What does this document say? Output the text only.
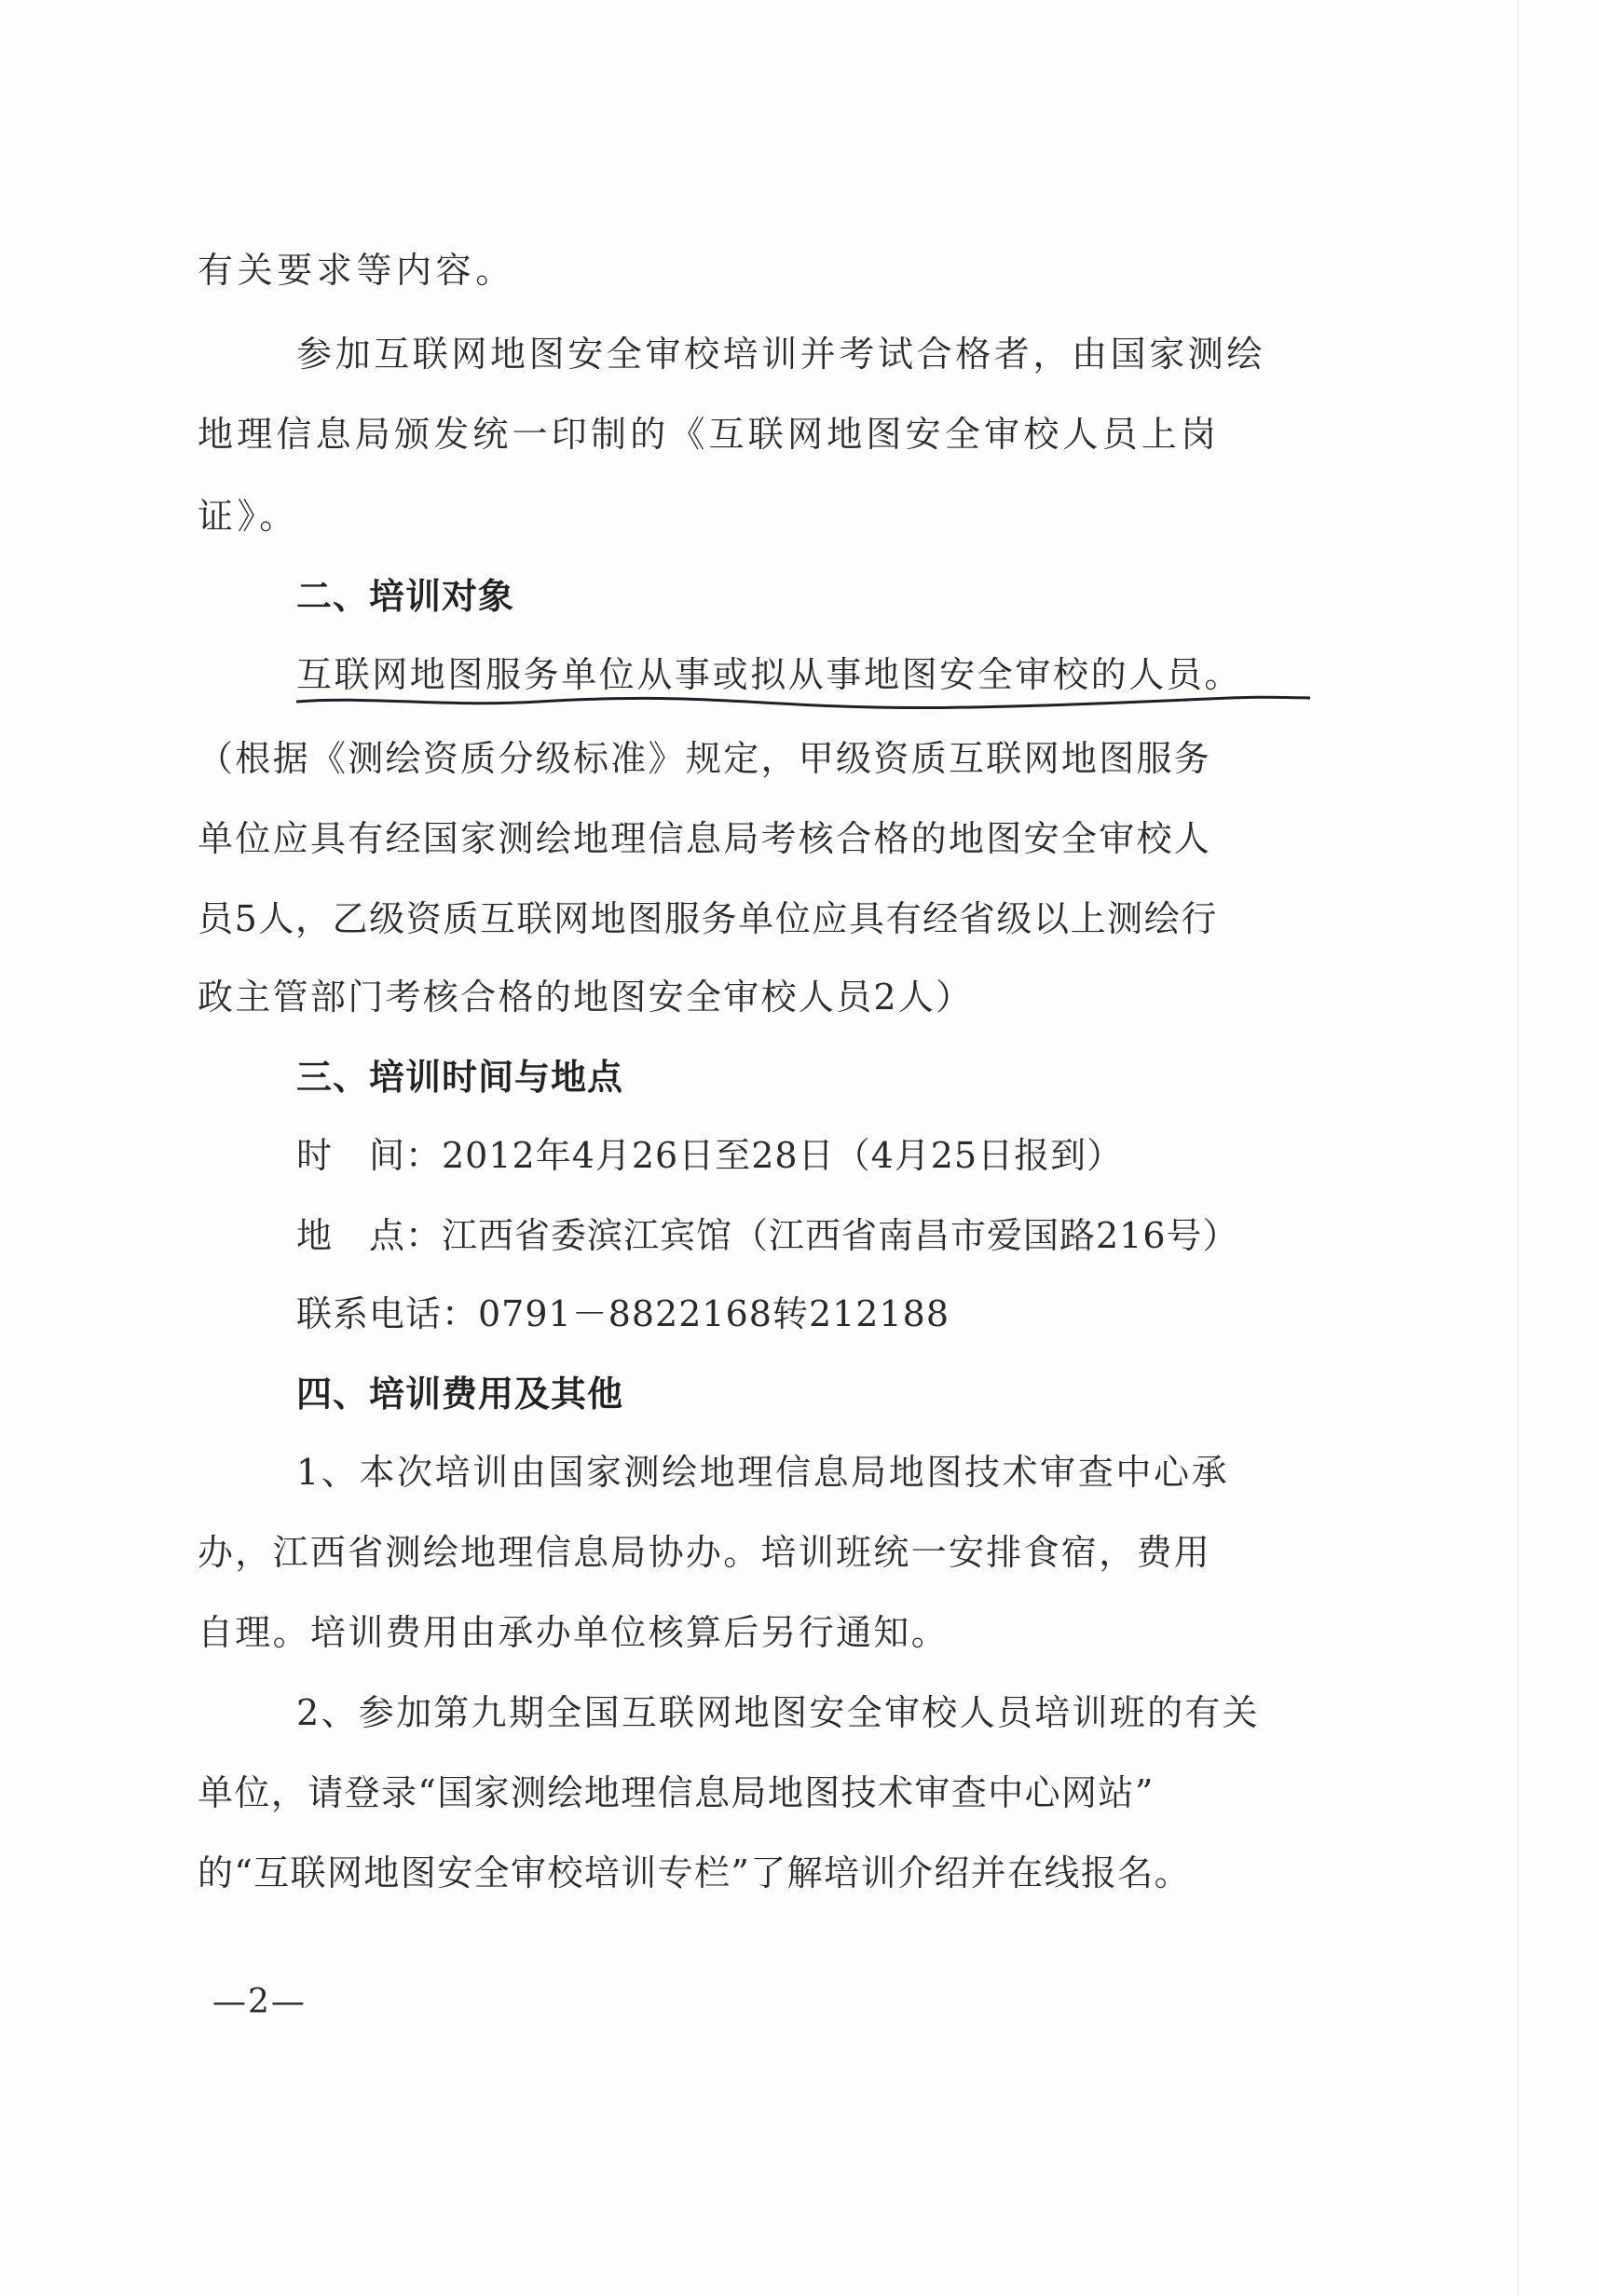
有关要求等内容。
参加互联网地图安全审校培训并考试合格者，由国家测绘
地理信息局颁发统一印制的《互联网地图安全审校人员上岗
证》。
二、培训对象
互联网地图服务单位从事或拟从事地图安全审校的人员。
（根据《测绘资质分级标准》规定，甲级资质互联网地图服务
单位应具有经国家测绘地理信息局考核合格的地图安全审校人
员5人，乙级资质互联网地图服务单位应具有经省级以上测绘行
政主管部门考核合格的地图安全审校人员2人）
三、培训时间与地点
时　间：2012年4月26日至28日（4月25日报到）
地　点：江西省委滨江宾馆（江西省南昌市爱国路216号）
联系电话：0791－8822168转212188
四、培训费用及其他
1、本次培训由国家测绘地理信息局地图技术审查中心承
办，江西省测绘地理信息局协办。培训班统一安排食宿，费用
自理。培训费用由承办单位核算后另行通知。
2、参加第九期全国互联网地图安全审校人员培训班的有关
单位，请登录“国家测绘地理信息局地图技术审查中心网站”
的“互联网地图安全审校培训专栏”了解培训介绍并在线报名。
—2—
